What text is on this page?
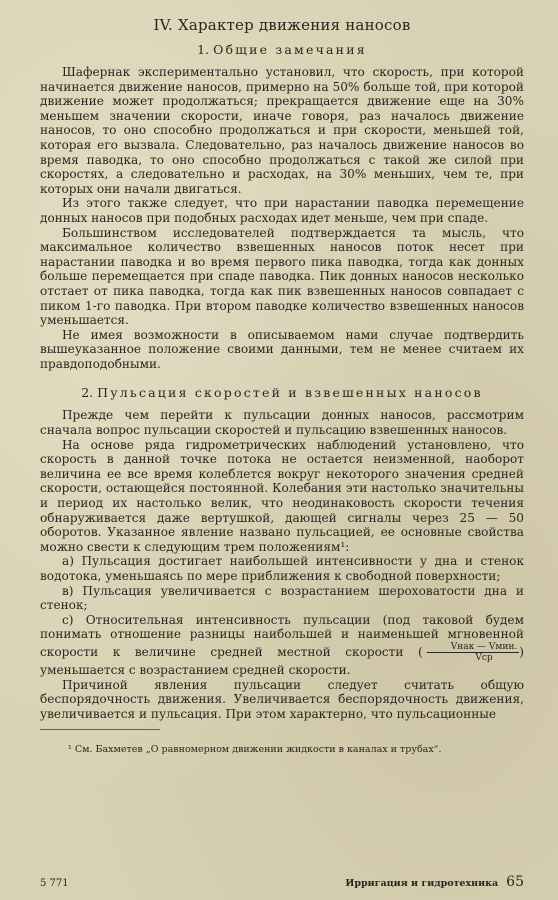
IV. Характер движения наносов
1. Общие замечания

Шафернак экспериментально установил, что скорость, при которой начинается движение наносов, примерно на 50% больше той, при которой движение может продолжаться; прекращается движение еще на 30% меньшем значении скорости, иначе говоря, раз началось движение наносов, то оно способно продолжаться и при скорости, меньшей той, которая его вызвала. Следовательно, раз началось движение наносов во время паводка, то оно способно продолжаться с такой же силой при скоростях, а следовательно и расходах, на 30% меньших, чем те, при которых они начали двигаться.

Из этого также следует, что при нарастании паводка перемещение донных наносов при подобных расходах идет меньше, чем при спаде.

Большинством исследователей подтверждается та мысль, что максимальное количество взвешенных наносов поток несет при нарастании паводка и во время первого пика паводка, тогда как донных больше перемещается при спаде паводка. Пик донных наносов несколько отстает от пика паводка, тогда как пик взвешенных наносов совпадает с пиком 1-го паводка. При втором паводке количество взвешенных наносов уменьшается.

Не имея возможности в описываемом нами случае подтвердить вышеуказанное положение своими данными, тем не менее считаем их правдоподобными.

2. Пульсация скоростей и взвешенных наносов

Прежде чем перейти к пульсации донных наносов, рассмотрим сначала вопрос пульсации скоростей и пульсацию взвешенных наносов.

На основе ряда гидрометрических наблюдений установлено, что скорость в данной точке потока не остается неизменной, наоборот величина ее все время колеблется вокруг некоторого значения средней скорости, остающейся постоянной. Колебания эти настолько значительны и период их настолько велик, что неодинаковость скорости течения обнаруживается даже вертушкой, дающей сигналы через 25 — 50 оборотов. Указанное явление названо пульсацией, ее основные свойства можно свести к следующим трем положениям¹:

а) Пульсация достигает наибольшей интенсивности у дна и стенок водотока, уменьшаясь по мере приближения к свободной поверхности;

в) Пульсация увеличивается с возрастанием шероховатости дна и стенок;

с) Относительная интенсивность пульсации (под таковой будем понимать отношение разницы наибольшей и наименьшей мгновенной скорости к величине средней местной скорости ( $\frac{\text{Vнак — Vмин.}}{\text{Vср}}$ ) уменьшается с возрастанием средней скорости.

Причиной явления пульсации следует считать общую беспорядочность движения. Увеличивается беспорядочность движения, увеличивается и пульсация. При этом характерно, что пульсационные

¹ См. Бахметев „О равномерном движении жидкости в каналах и трубах“.
5 771	Ирригация и гидротехника 65
